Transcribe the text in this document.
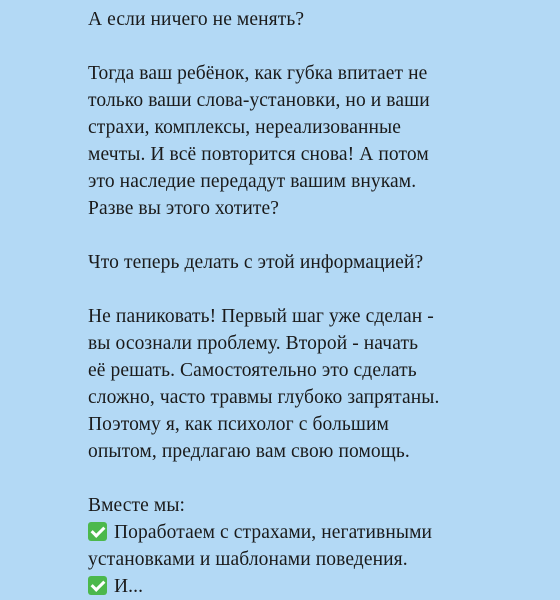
А если ничего не менять?
Тогда ваш ребёнок, как губка впитает не
только ваши слова-установки, но и ваши
страхи, комплексы, нереализованные
мечты. И всё повторится снова! А потом
это наследие передадут вашим внукам.
Разве вы этого хотите?
Что теперь делать с этой информацией?
Не паниковать! Первый шаг уже сделан -
вы осознали проблему. Второй - начать
её решать. Самостоятельно это сделать
сложно, часто травмы глубоко запрятаны.
Поэтому я, как психолог с большим
опытом, предлагаю вам свою помощь.
Вместе мы:
Поработаем с страхами, негативными
установками и шаблонами поведения.
И...
